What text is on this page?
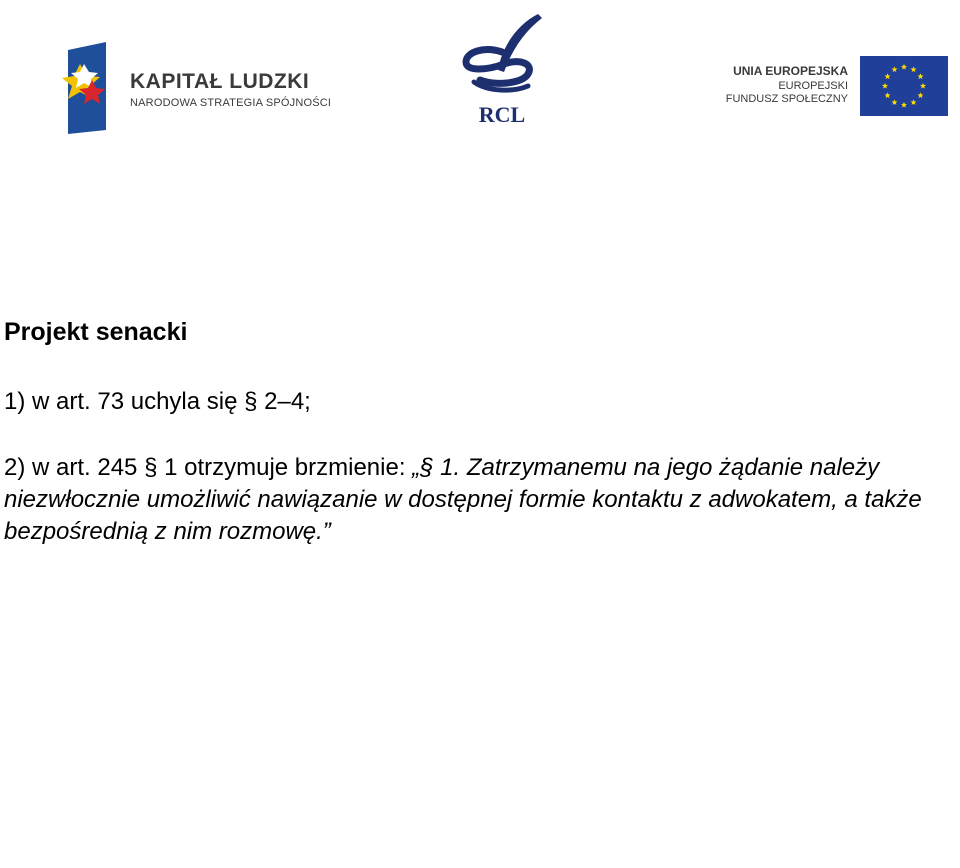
KAPITAŁ LUDZKI
NARODOWA STRATEGIA SPÓJNOŚCI	RCL
UNIA EUROPEJSKA
EUROPEJSKI
FUNDUSZ SPOŁECZNY
Projekt senacki

1) w art. 73 uchyla się § 2–4;

2) w art. 245 § 1 otrzymuje brzmienie: „§ 1. Zatrzymanemu na jego żądanie należy niezwłocznie umożliwić nawiązanie w dostępnej formie kontaktu z adwokatem, a także bezpośrednią z nim rozmowę.”
